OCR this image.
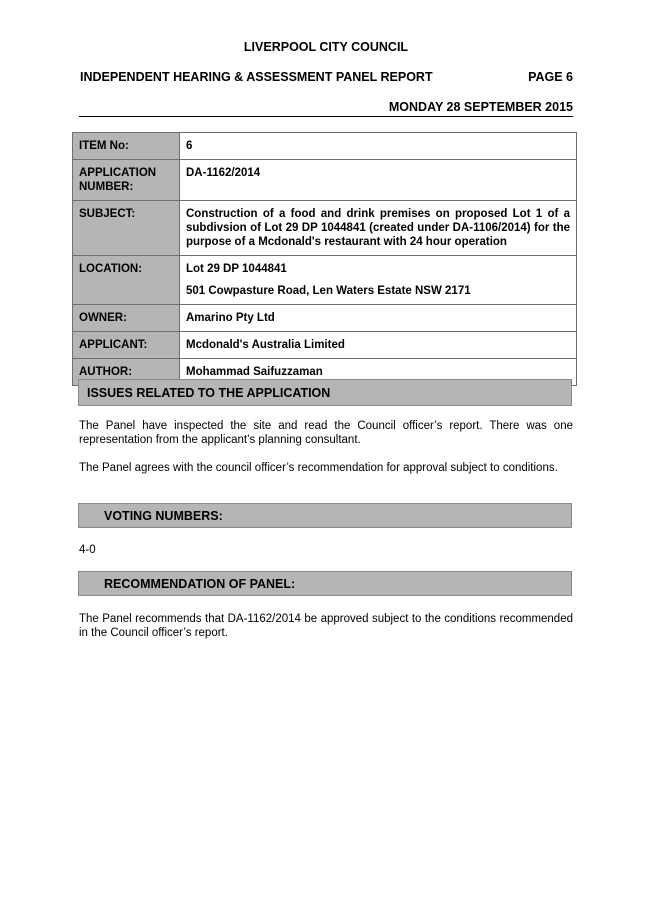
LIVERPOOL CITY COUNCIL
INDEPENDENT HEARING & ASSESSMENT PANEL REPORT	PAGE 6
MONDAY 28 SEPTEMBER 2015
ITEM No:	6
APPLICATION NUMBER:	DA-1162/2014
SUBJECT:	Construction of a food and drink premises on proposed Lot 1 of a subdivsion of Lot 29 DP 1044841 (created under DA-1106/2014) for the purpose of a Mcdonald's restaurant with 24 hour operation
LOCATION:	Lot 29 DP 1044841
501 Cowpasture Road, Len Waters Estate NSW 2171

OWNER:	Amarino Pty Ltd
APPLICANT:	Mcdonald's Australia Limited
AUTHOR:	Mohammad Saifuzzaman
ISSUES RELATED TO THE APPLICATION
The Panel have inspected the site and read the Council officer’s report. There was one representation from the applicant’s planning consultant.
The Panel agrees with the council officer’s recommendation for approval subject to conditions.
VOTING NUMBERS:
4-0
RECOMMENDATION OF PANEL:
The Panel recommends that DA-1162/2014 be approved subject to the conditions recommended in the Council officer’s report.
